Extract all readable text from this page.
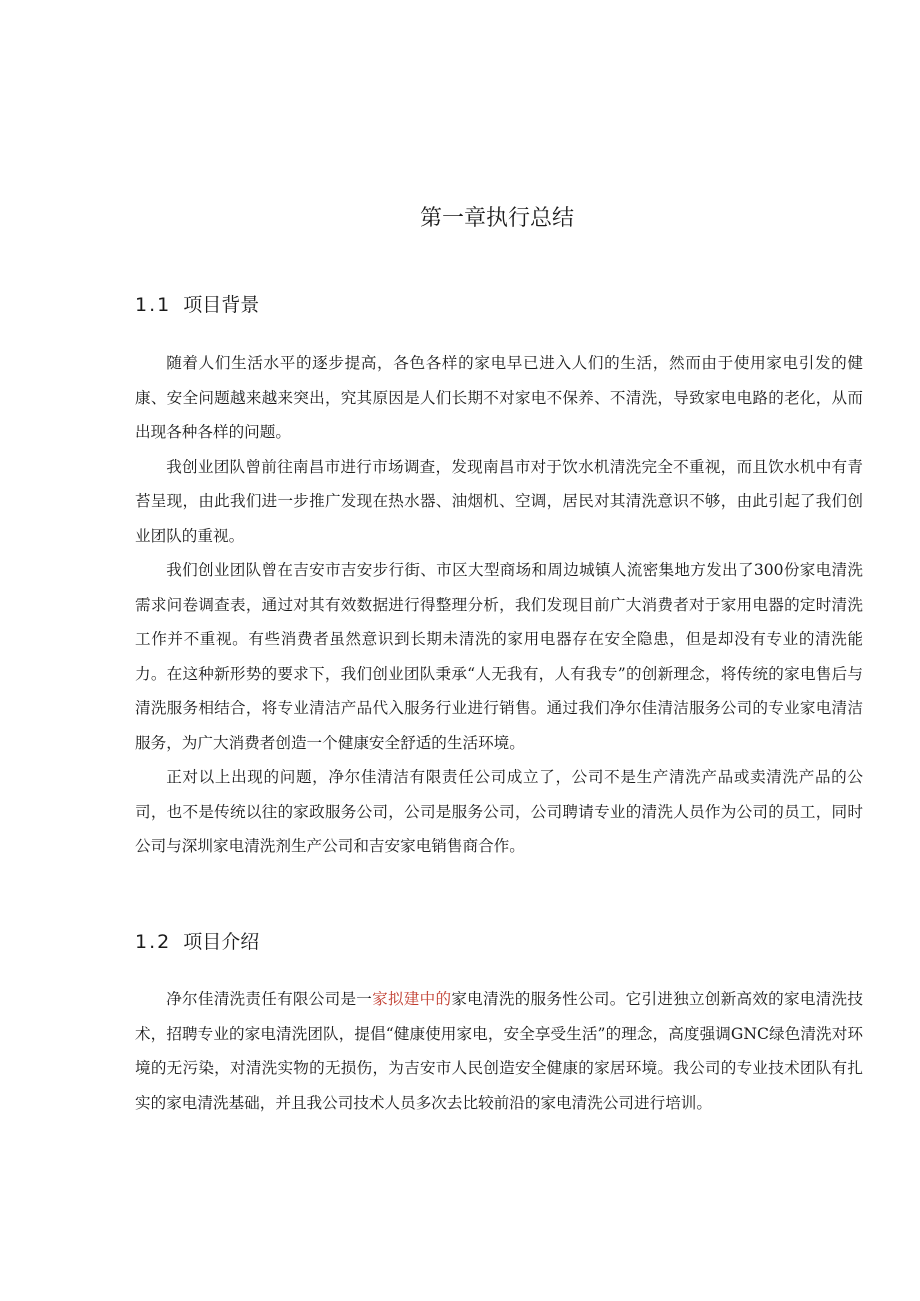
第一章执行总结
1.1 项目背景

随着人们生活水平的逐步提高，各色各样的家电早已进入人们的生活，然而由于使用家电引发的健康、安全问题越来越来突出，究其原因是人们长期不对家电不保养、不清洗，导致家电电路的老化，从而出现各种各样的问题。

我创业团队曾前往南昌市进行市场调查，发现南昌市对于饮水机清洗完全不重视，而且饮水机中有青苔呈现，由此我们进一步推广发现在热水器、油烟机、空调，居民对其清洗意识不够，由此引起了我们创业团队的重视。

我们创业团队曾在吉安市吉安步行街、市区大型商场和周边城镇人流密集地方发出了300份家电清洗需求问卷调查表，通过对其有效数据进行得整理分析，我们发现目前广大消费者对于家用电器的定时清洗工作并不重视。有些消费者虽然意识到长期未清洗的家用电器存在安全隐患，但是却没有专业的清洗能力。在这种新形势的要求下，我们创业团队秉承“人无我有，人有我专”的创新理念，将传统的家电售后与清洗服务相结合，将专业清洁产品代入服务行业进行销售。通过我们净尔佳清洁服务公司的专业家电清洁服务，为广大消费者创造一个健康安全舒适的生活环境。

正对以上出现的问题，净尔佳清洁有限责任公司成立了，公司不是生产清洗产品或卖清洗产品的公司，也不是传统以往的家政服务公司，公司是服务公司，公司聘请专业的清洗人员作为公司的员工，同时公司与深圳家电清洗剂生产公司和吉安家电销售商合作。

1.2 项目介绍

净尔佳清洗责任有限公司是一家拟建中的家电清洗的服务性公司。它引进独立创新高效的家电清洗技术，招聘专业的家电清洗团队，提倡“健康使用家电，安全享受生活”的理念，高度强调GNC绿色清洗对环境的无污染，对清洗实物的无损伤，为吉安市人民创造安全健康的家居环境。我公司的专业技术团队有扎实的家电清洗基础，并且我公司技术人员多次去比较前沿的家电清洗公司进行培训。
